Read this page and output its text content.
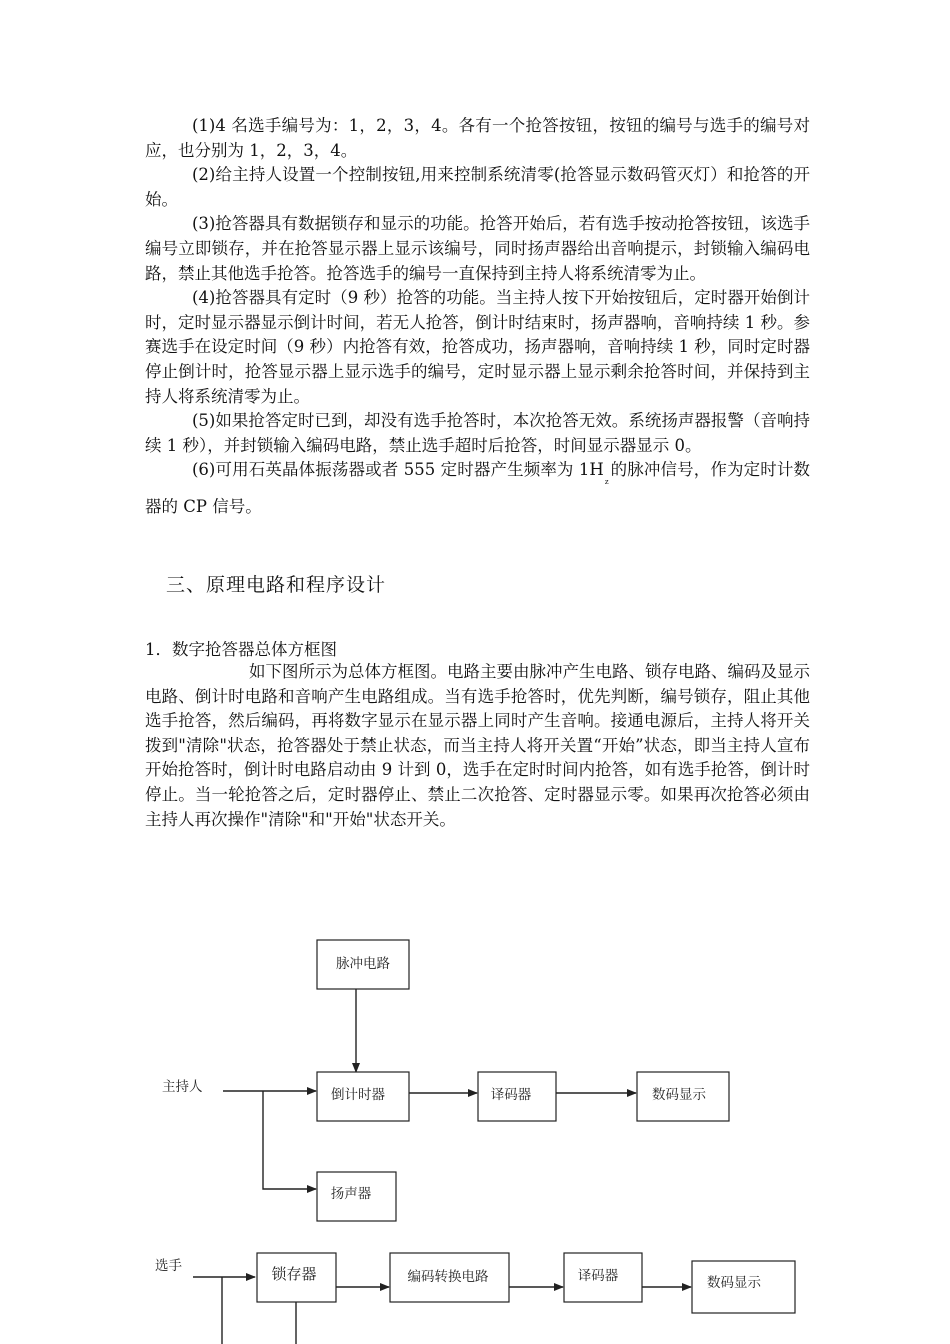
(1)4 名选手编号为：1，2，3，4。各有一个抢答按钮，按钮的编号与选手的编号对应，也分别为 1，2，3，4。

(2)给主持人设置一个控制按钮,用来控制系统清零(抢答显示数码管灭灯）和抢答的开始。

(3)抢答器具有数据锁存和显示的功能。抢答开始后，若有选手按动抢答按钮，该选手编号立即锁存，并在抢答显示器上显示该编号，同时扬声器给出音响提示，封锁输入编码电路，禁止其他选手抢答。抢答选手的编号一直保持到主持人将系统清零为止。

(4)抢答器具有定时（9 秒）抢答的功能。当主持人按下开始按钮后，定时器开始倒计时，定时显示器显示倒计时间，若无人抢答，倒计时结束时，扬声器响，音响持续 1 秒。参赛选手在设定时间（9 秒）内抢答有效，抢答成功，扬声器响，音响持续 1 秒，同时定时器停止倒计时，抢答显示器上显示选手的编号，定时显示器上显示剩余抢答时间，并保持到主持人将系统清零为止。

(5)如果抢答定时已到，却没有选手抢答时，本次抢答无效。系统扬声器报警（音响持续 1 秒），并封锁输入编码电路，禁止选手超时后抢答，时间显示器显示 0。

(6)可用石英晶体振荡器或者 555 定时器产生频率为 $1H_z$的脉冲信号，作为定时计数器的 CP 信号。

三、原理电路和程序设计

1．数字抢答器总体方框图

如下图所示为总体方框图。电路主要由脉冲产生电路、锁存电路、编码及显示电路、倒计时电路和音响产生电路组成。当有选手抢答时，优先判断，编号锁存，阻止其他选手抢答，然后编码，再将数字显示在显示器上同时产生音响。接通电源后，主持人将开关拨到"清除"状态，抢答器处于禁止状态，而当主持人将开关置“开始”状态，即当主持人宣布开始抢答时，倒计时电路启动由 9 计到 0，选手在定时时间内抢答，如有选手抢答，倒计时停止。当一轮抢答之后，定时器停止、禁止二次抢答、定时器显示零。如果再次抢答必须由主持人再次操作"清除"和"开始"状态开关。

脉冲电路
主持人	倒计时器	译码器	数码显示
扬声器
选手	锁存器	编码转换电路	译码器	数码显示
